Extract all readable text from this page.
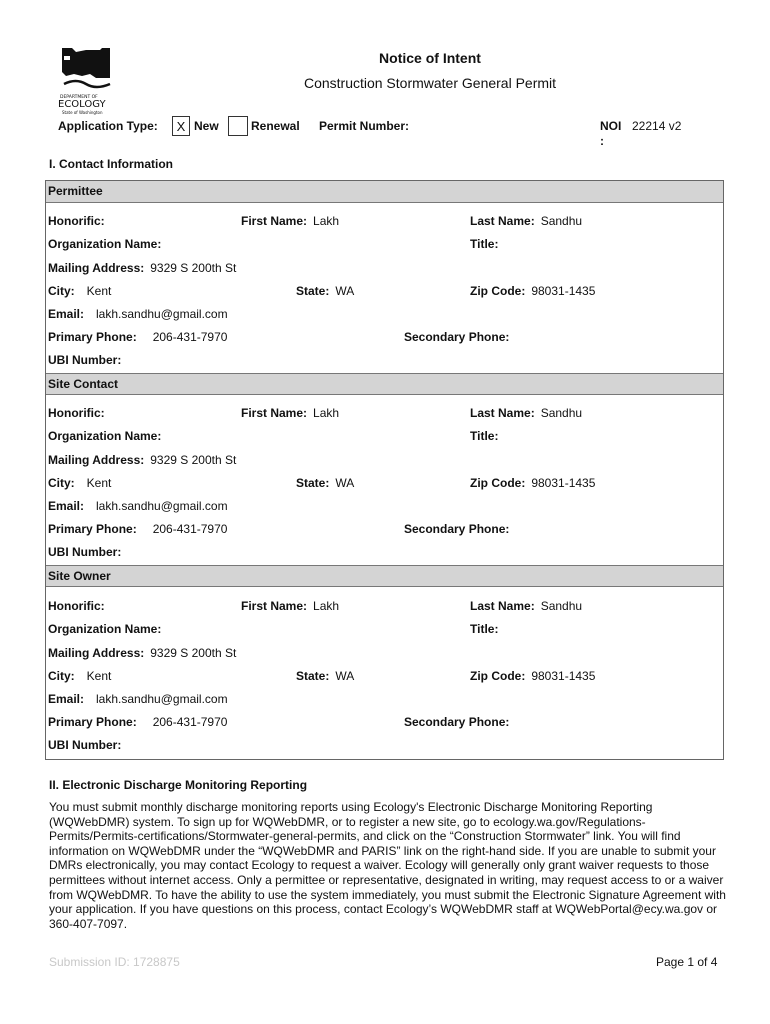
DEPARTMENT OF
ECOLOGY
State of Washington
Notice of Intent
Construction Stormwater General Permit
Application Type:	X New	Renewal Permit Number:	NOI
:
22214 v2
I. Contact Information
Permittee
Honorific:	First Name: Lakh	Last Name: Sandhu
Organization Name:	Title:
Mailing Address: 9329 S 200th St
City: Kent	State: WA	Zip Code: 98031-1435
Email: lakh.sandhu@gmail.com
Primary Phone: 206-431-7970	Secondary Phone:
UBI Number:
Site Contact
Honorific:	First Name: Lakh	Last Name: Sandhu
Organization Name:	Title:
Mailing Address: 9329 S 200th St
City: Kent	State: WA	Zip Code: 98031-1435
Email: lakh.sandhu@gmail.com
Primary Phone: 206-431-7970	Secondary Phone:
UBI Number:
Site Owner
Honorific:	First Name: Lakh	Last Name: Sandhu
Organization Name:	Title:
Mailing Address: 9329 S 200th St
City: Kent	State: WA	Zip Code: 98031-1435
Email: lakh.sandhu@gmail.com
Primary Phone: 206-431-7970	Secondary Phone:
UBI Number:
II. Electronic Discharge Monitoring Reporting
You must submit monthly discharge monitoring reports using Ecology's Electronic Discharge Monitoring Reporting (WQWebDMR) system. To sign up for WQWebDMR, or to register a new site, go to ecology.wa.gov/Regulations-Permits/Permits-certifications/Stormwater-general-permits, and click on the “Construction Stormwater” link. You will find information on WQWebDMR under the “WQWebDMR and PARIS” link on the right-hand side. If you are unable to submit your DMRs electronically, you may contact Ecology to request a waiver. Ecology will generally only grant waiver requests to those permittees without internet access. Only a permittee or representative, designated in writing, may request access to or a waiver from WQWebDMR. To have the ability to use the system immediately, you must submit the Electronic Signature Agreement with your application. If you have questions on this process, contact Ecology’s WQWebDMR staff at WQWebPortal@ecy.wa.gov or 360-407-7097.
Submission ID: 1728875	Page 1 of 4
